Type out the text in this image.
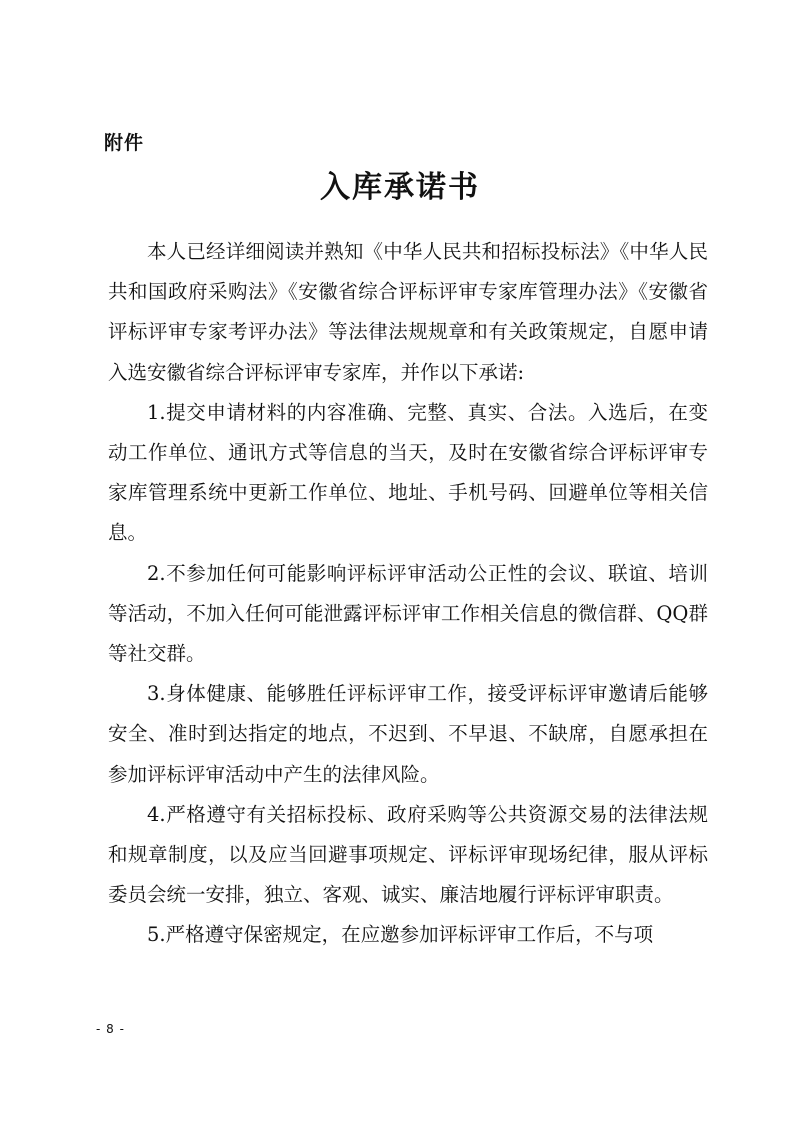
附件
入库承诺书

本人已经详细阅读并熟知《中华人民共和招标投标法》《中华人民共和国政府采购法》《安徽省综合评标评审专家库管理办法》《安徽省评标评审专家考评办法》等法律法规规章和有关政策规定，自愿申请入选安徽省综合评标评审专家库，并作以下承诺:

1.提交申请材料的内容准确、完整、真实、合法。入选后，在变动工作单位、通讯方式等信息的当天，及时在安徽省综合评标评审专家库管理系统中更新工作单位、地址、手机号码、回避单位等相关信息。

2.不参加任何可能影响评标评审活动公正性的会议、联谊、培训等活动，不加入任何可能泄露评标评审工作相关信息的微信群、QQ群等社交群。

3.身体健康、能够胜任评标评审工作，接受评标评审邀请后能够安全、准时到达指定的地点，不迟到、不早退、不缺席，自愿承担在参加评标评审活动中产生的法律风险。

4.严格遵守有关招标投标、政府采购等公共资源交易的法律法规和规章制度，以及应当回避事项规定、评标评审现场纪律，服从评标委员会统一安排，独立、客观、诚实、廉洁地履行评标评审职责。

5.严格遵守保密规定，在应邀参加评标评审工作后，不与项

- 8 -
